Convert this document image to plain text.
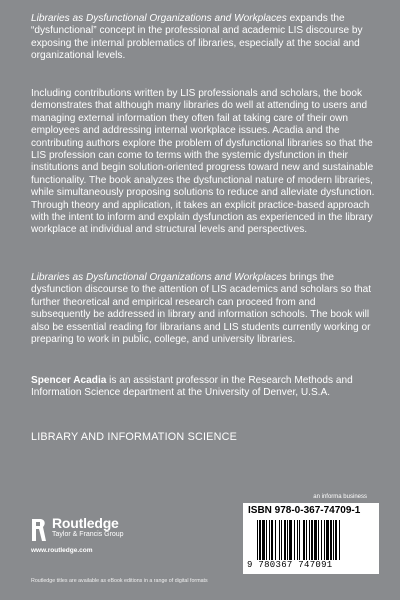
Libraries as Dysfunctional Organizations and Workplaces expands the “dysfunctional” concept in the professional and academic LIS discourse by exposing the internal problematics of libraries, especially at the social and organizational levels.

Including contributions written by LIS professionals and scholars, the book demonstrates that although many libraries do well at attending to users and managing external information they often fail at taking care of their own employees and addressing internal workplace issues. Acadia and the contributing authors explore the problem of dysfunctional libraries so that the LIS profession can come to terms with the systemic dysfunction in their institutions and begin solution-oriented progress toward new and sustainable functionality. The book analyzes the dysfunctional nature of modern libraries, while simultaneously proposing solutions to reduce and alleviate dysfunction. Through theory and application, it takes an explicit practice-based approach with the intent to inform and explain dysfunction as experienced in the library workplace at individual and structural levels and perspectives.

Libraries as Dysfunctional Organizations and Workplaces brings the dysfunction discourse to the attention of LIS academics and scholars so that further theoretical and empirical research can proceed from and subsequently be addressed in library and information schools. The book will also be essential reading for librarians and LIS students currently working or preparing to work in public, college, and university libraries.

Spencer Acadia is an assistant professor in the Research Methods and Information Science department at the University of Denver, U.S.A.

LIBRARY AND INFORMATION SCIENCE
Routledge
Taylor & Francis Group
www.routledge.com
Routledge titles are available as eBook editions in a range of digital formats
an informa business
ISBN 978-0-367-74709-1
9 780367 747091
